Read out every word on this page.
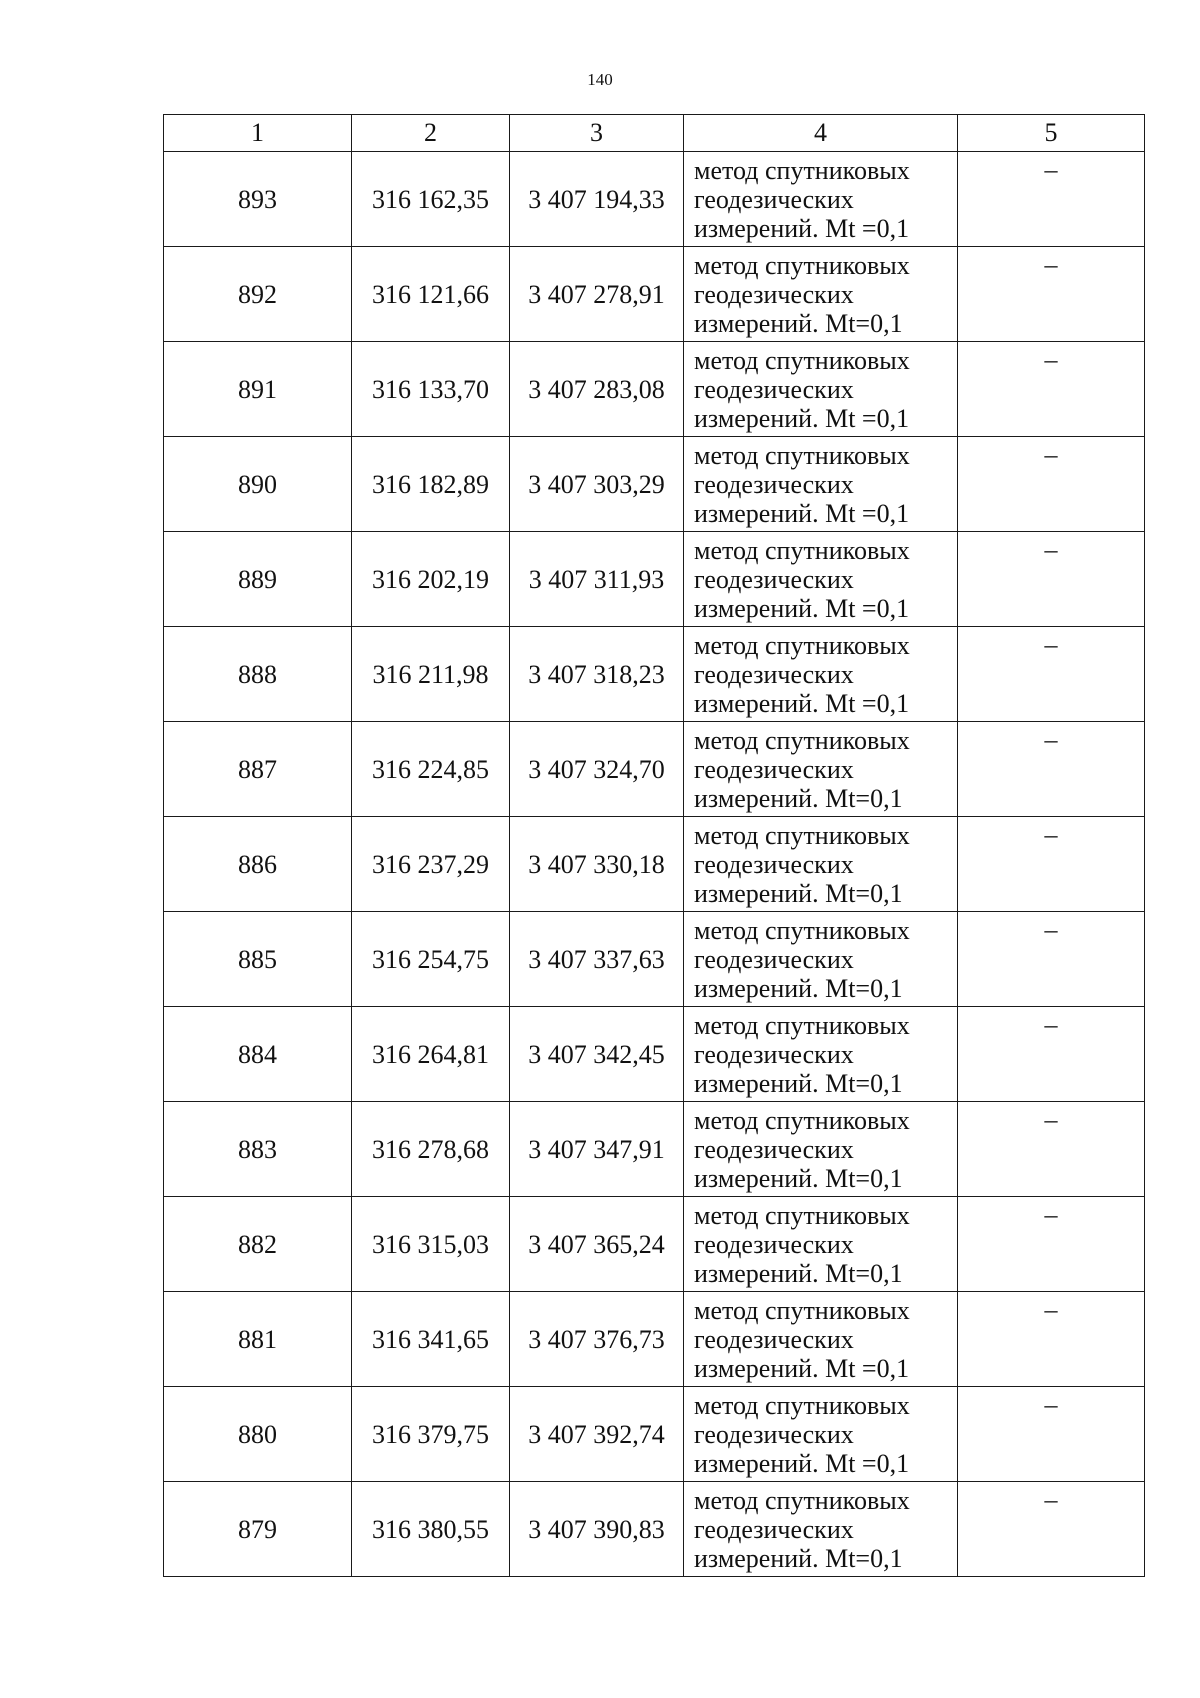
140
1	2	3	4	5
893	316 162,35	3 407 194,33	метод спутниковых
геодезических
измерений. Mt =0,1	–
892	316 121,66	3 407 278,91	метод спутниковых
геодезических
измерений. Mt=0,1	–
891	316 133,70	3 407 283,08	метод спутниковых
геодезических
измерений. Mt =0,1	–
890	316 182,89	3 407 303,29	метод спутниковых
геодезических
измерений. Mt =0,1	–
889	316 202,19	3 407 311,93	метод спутниковых
геодезических
измерений. Mt =0,1	–
888	316 211,98	3 407 318,23	метод спутниковых
геодезических
измерений. Mt =0,1	–
887	316 224,85	3 407 324,70	метод спутниковых
геодезических
измерений. Mt=0,1	–
886	316 237,29	3 407 330,18	метод спутниковых
геодезических
измерений. Mt=0,1	–
885	316 254,75	3 407 337,63	метод спутниковых
геодезических
измерений. Mt=0,1	–
884	316 264,81	3 407 342,45	метод спутниковых
геодезических
измерений. Mt=0,1	–
883	316 278,68	3 407 347,91	метод спутниковых
геодезических
измерений. Mt=0,1	–
882	316 315,03	3 407 365,24	метод спутниковых
геодезических
измерений. Mt=0,1	–
881	316 341,65	3 407 376,73	метод спутниковых
геодезических
измерений. Mt =0,1	–
880	316 379,75	3 407 392,74	метод спутниковых
геодезических
измерений. Mt =0,1	–
879	316 380,55	3 407 390,83	метод спутниковых
геодезических
измерений. Mt=0,1	–
